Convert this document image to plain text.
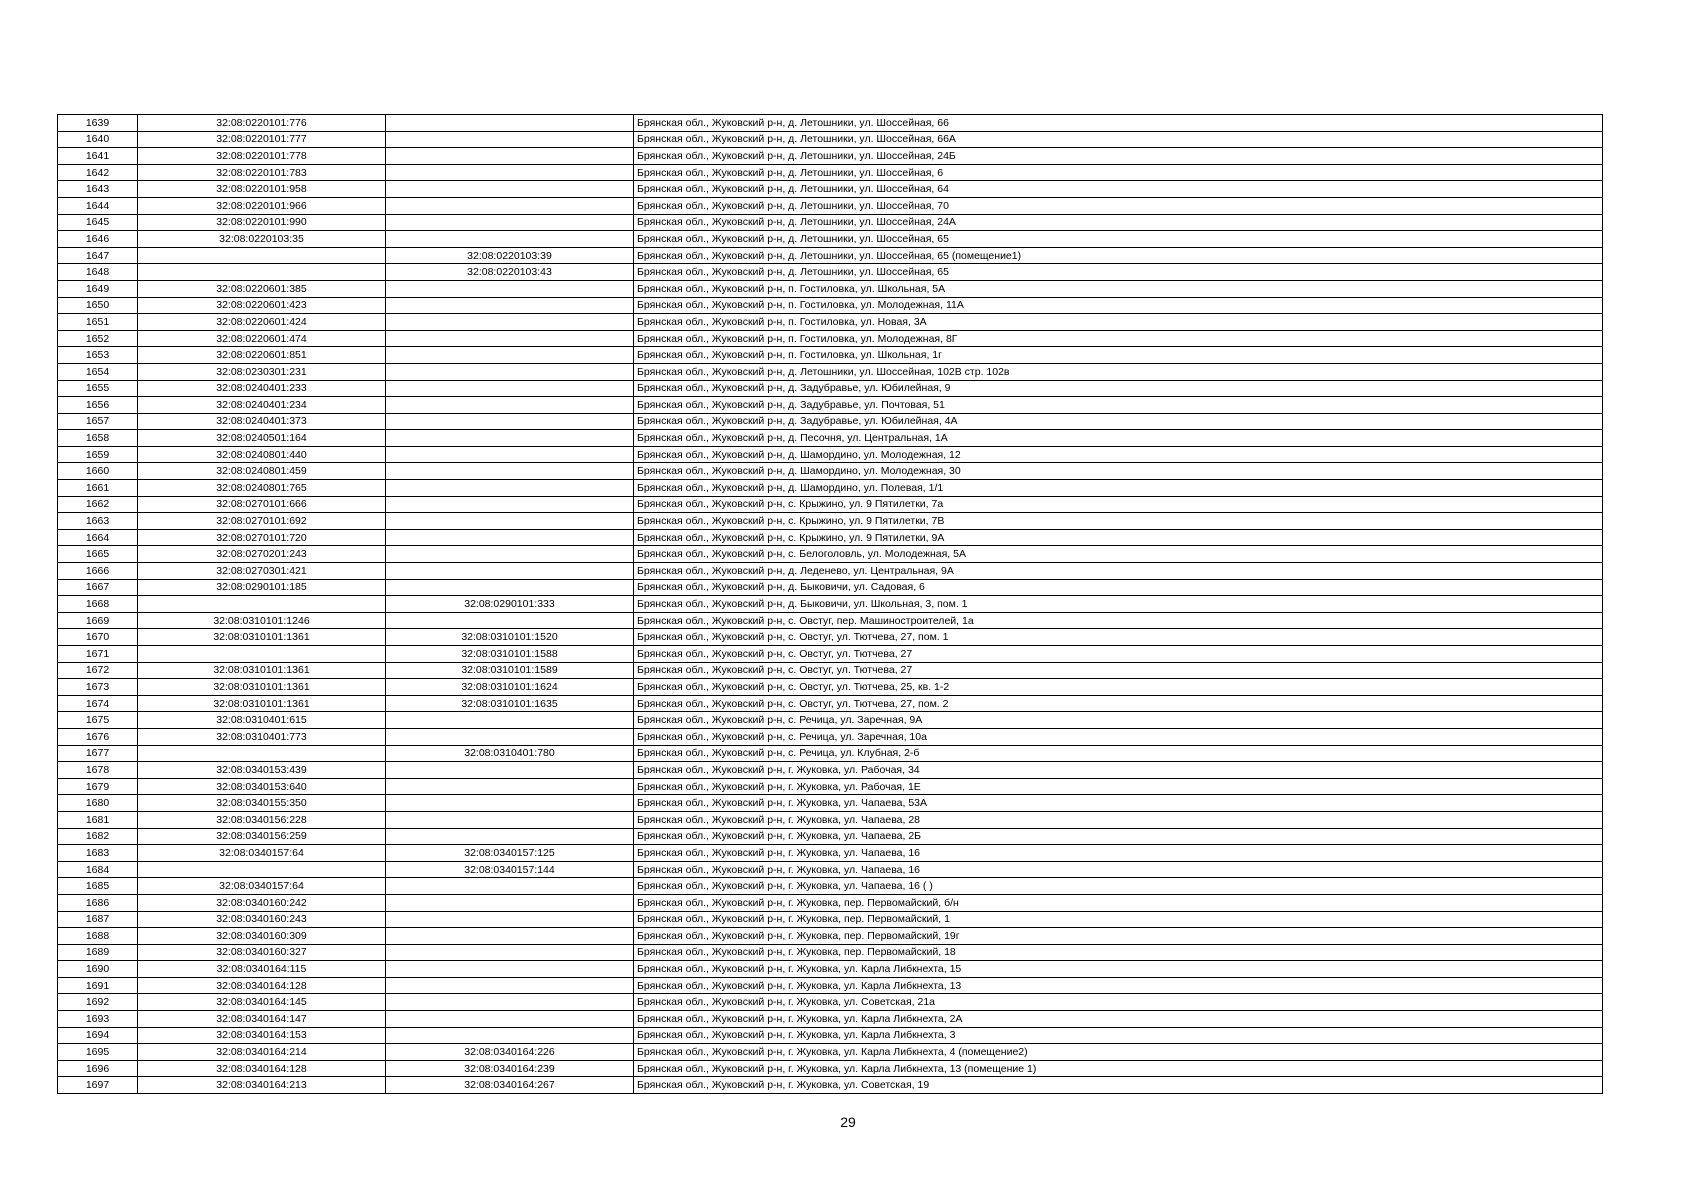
1639	32:08:0220101:776		Брянская обл., Жуковский р-н, д. Летошники, ул. Шоссейная, 66
1640	32:08:0220101:777		Брянская обл., Жуковский р-н, д. Летошники, ул. Шоссейная, 66А
1641	32:08:0220101:778		Брянская обл., Жуковский р-н, д. Летошники, ул. Шоссейная, 24Б
1642	32:08:0220101:783		Брянская обл., Жуковский р-н, д. Летошники, ул. Шоссейная, 6
1643	32:08:0220101:958		Брянская обл., Жуковский р-н, д. Летошники, ул. Шоссейная, 64
1644	32:08:0220101:966		Брянская обл., Жуковский р-н, д. Летошники, ул. Шоссейная, 70
1645	32:08:0220101:990		Брянская обл., Жуковский р-н, д. Летошники, ул. Шоссейная, 24А
1646	32:08:0220103:35		Брянская обл., Жуковский р-н, д. Летошники, ул. Шоссейная, 65
1647		32:08:0220103:39	Брянская обл., Жуковский р-н, д. Летошники, ул. Шоссейная, 65 (помещение1)
1648		32:08:0220103:43	Брянская обл., Жуковский р-н, д. Летошники, ул. Шоссейная, 65
1649	32:08:0220601:385		Брянская обл., Жуковский р-н, п. Гостиловка, ул. Школьная, 5А
1650	32:08:0220601:423		Брянская обл., Жуковский р-н, п. Гостиловка, ул. Молодежная, 11А
1651	32:08:0220601:424		Брянская обл., Жуковский р-н, п. Гостиловка, ул. Новая, 3А
1652	32:08:0220601:474		Брянская обл., Жуковский р-н, п. Гостиловка, ул. Молодежная, 8Г
1653	32:08:0220601:851		Брянская обл., Жуковский р-н, п. Гостиловка, ул. Школьная, 1г
1654	32:08:0230301:231		Брянская обл., Жуковский р-н, д. Летошники, ул. Шоссейная, 102В стр. 102в
1655	32:08:0240401:233		Брянская обл., Жуковский р-н, д. Задубравье, ул. Юбилейная, 9
1656	32:08:0240401:234		Брянская обл., Жуковский р-н, д. Задубравье, ул. Почтовая, 51
1657	32:08:0240401:373		Брянская обл., Жуковский р-н, д. Задубравье, ул. Юбилейная, 4А
1658	32:08:0240501:164		Брянская обл., Жуковский р-н, д. Песочня, ул. Центральная, 1А
1659	32:08:0240801:440		Брянская обл., Жуковский р-н, д. Шамордино, ул. Молодежная, 12
1660	32:08:0240801:459		Брянская обл., Жуковский р-н, д. Шамордино, ул. Молодежная, 30
1661	32:08:0240801:765		Брянская обл., Жуковский р-н, д. Шамордино, ул. Полевая, 1/1
1662	32:08:0270101:666		Брянская обл., Жуковский р-н, с. Крыжино, ул. 9 Пятилетки, 7а
1663	32:08:0270101:692		Брянская обл., Жуковский р-н, с. Крыжино, ул. 9 Пятилетки, 7В
1664	32:08:0270101:720		Брянская обл., Жуковский р-н, с. Крыжино, ул. 9 Пятилетки, 9А
1665	32:08:0270201:243		Брянская обл., Жуковский р-н, с. Белоголовль, ул. Молодежная, 5А
1666	32:08:0270301:421		Брянская обл., Жуковский р-н, д. Леденево, ул. Центральная, 9А
1667	32:08:0290101:185		Брянская обл., Жуковский р-н, д. Быковичи, ул. Садовая, 6
1668		32:08:0290101:333	Брянская обл., Жуковский р-н, д. Быковичи, ул. Школьная, 3, пом. 1
1669	32:08:0310101:1246		Брянская обл., Жуковский р-н, с. Овстуг, пер. Машиностроителей, 1а
1670	32:08:0310101:1361	32:08:0310101:1520	Брянская обл., Жуковский р-н, с. Овстуг, ул. Тютчева, 27, пом. 1
1671		32:08:0310101:1588	Брянская обл., Жуковский р-н, с. Овстуг, ул. Тютчева, 27
1672	32:08:0310101:1361	32:08:0310101:1589	Брянская обл., Жуковский р-н, с. Овстуг, ул. Тютчева, 27
1673	32:08:0310101:1361	32:08:0310101:1624	Брянская обл., Жуковский р-н, с. Овстуг, ул. Тютчева, 25, кв. 1-2
1674	32:08:0310101:1361	32:08:0310101:1635	Брянская обл., Жуковский р-н, с. Овстуг, ул. Тютчева, 27, пом. 2
1675	32:08:0310401:615		Брянская обл., Жуковский р-н, с. Речица, ул. Заречная, 9А
1676	32:08:0310401:773		Брянская обл., Жуковский р-н, с. Речица, ул. Заречная, 10а
1677		32:08:0310401:780	Брянская обл., Жуковский р-н, с. Речица, ул. Клубная, 2-б
1678	32:08:0340153:439		Брянская обл., Жуковский р-н, г. Жуковка, ул. Рабочая, 34
1679	32:08:0340153:640		Брянская обл., Жуковский р-н, г. Жуковка, ул. Рабочая, 1Е
1680	32:08:0340155:350		Брянская обл., Жуковский р-н, г. Жуковка, ул. Чапаева, 53А
1681	32:08:0340156:228		Брянская обл., Жуковский р-н, г. Жуковка, ул. Чапаева, 28
1682	32:08:0340156:259		Брянская обл., Жуковский р-н, г. Жуковка, ул. Чапаева, 2Б
1683	32:08:0340157:64	32:08:0340157:125	Брянская обл., Жуковский р-н, г. Жуковка, ул. Чапаева, 16
1684		32:08:0340157:144	Брянская обл., Жуковский р-н, г. Жуковка, ул. Чапаева, 16
1685	32:08:0340157:64		Брянская обл., Жуковский р-н, г. Жуковка, ул. Чапаева, 16 ( )
1686	32:08:0340160:242		Брянская обл., Жуковский р-н, г. Жуковка, пер. Первомайский, б/н
1687	32:08:0340160:243		Брянская обл., Жуковский р-н, г. Жуковка, пер. Первомайский, 1
1688	32:08:0340160:309		Брянская обл., Жуковский р-н, г. Жуковка, пер. Первомайский, 19г
1689	32:08:0340160:327		Брянская обл., Жуковский р-н, г. Жуковка, пер. Первомайский, 18
1690	32:08:0340164:115		Брянская обл., Жуковский р-н, г. Жуковка, ул. Карла Либкнехта, 15
1691	32:08:0340164:128		Брянская обл., Жуковский р-н, г. Жуковка, ул. Карла Либкнехта, 13
1692	32:08:0340164:145		Брянская обл., Жуковский р-н, г. Жуковка, ул. Советская, 21а
1693	32:08:0340164:147		Брянская обл., Жуковский р-н, г. Жуковка, ул. Карла Либкнехта, 2А
1694	32:08:0340164:153		Брянская обл., Жуковский р-н, г. Жуковка, ул. Карла Либкнехта, 3
1695	32:08:0340164:214	32:08:0340164:226	Брянская обл., Жуковский р-н, г. Жуковка, ул. Карла Либкнехта, 4 (помещение2)
1696	32:08:0340164:128	32:08:0340164:239	Брянская обл., Жуковский р-н, г. Жуковка, ул. Карла Либкнехта, 13 (помещение 1)
1697	32:08:0340164:213	32:08:0340164:267	Брянская обл., Жуковский р-н, г. Жуковка, ул. Советская, 19
29
